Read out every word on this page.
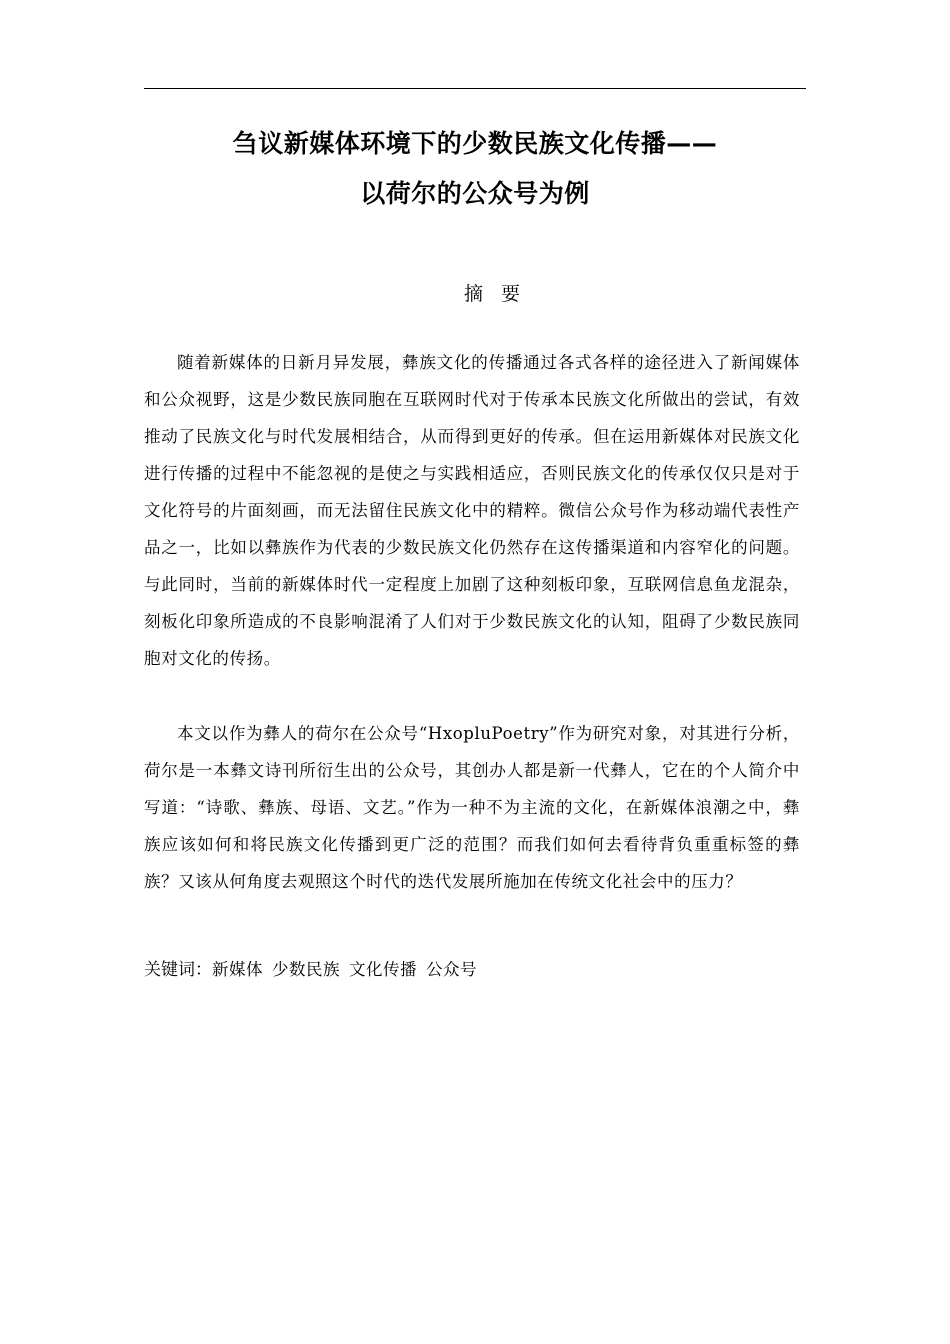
刍议新媒体环境下的少数民族文化传播——
以荷尔的公众号为例
摘 要

随着新媒体的日新月异发展，彝族文化的传播通过各式各样的途径进入了新闻媒体和公众视野，这是少数民族同胞在互联网时代对于传承本民族文化所做出的尝试，有效推动了民族文化与时代发展相结合，从而得到更好的传承。但在运用新媒体对民族文化进行传播的过程中不能忽视的是使之与实践相适应，否则民族文化的传承仅仅只是对于文化符号的片面刻画，而无法留住民族文化中的精粹。微信公众号作为移动端代表性产品之一，比如以彝族作为代表的少数民族文化仍然存在这传播渠道和内容窄化的问题。与此同时，当前的新媒体时代一定程度上加剧了这种刻板印象，互联网信息鱼龙混杂，刻板化印象所造成的不良影响混淆了人们对于少数民族文化的认知，阻碍了少数民族同胞对文化的传扬。

本文以作为彝人的荷尔在公众号“HxopluPoetry”作为研究对象，对其进行分析，荷尔是一本彝文诗刊所衍生出的公众号，其创办人都是新一代彝人，它在的个人简介中写道：“诗歌、彝族、母语、文艺。”作为一种不为主流的文化，在新媒体浪潮之中，彝族应该如何和将民族文化传播到更广泛的范围？而我们如何去看待背负重重标签的彝族？又该从何角度去观照这个时代的迭代发展所施加在传统文化社会中的压力？

关键词：新媒体 少数民族 文化传播 公众号
